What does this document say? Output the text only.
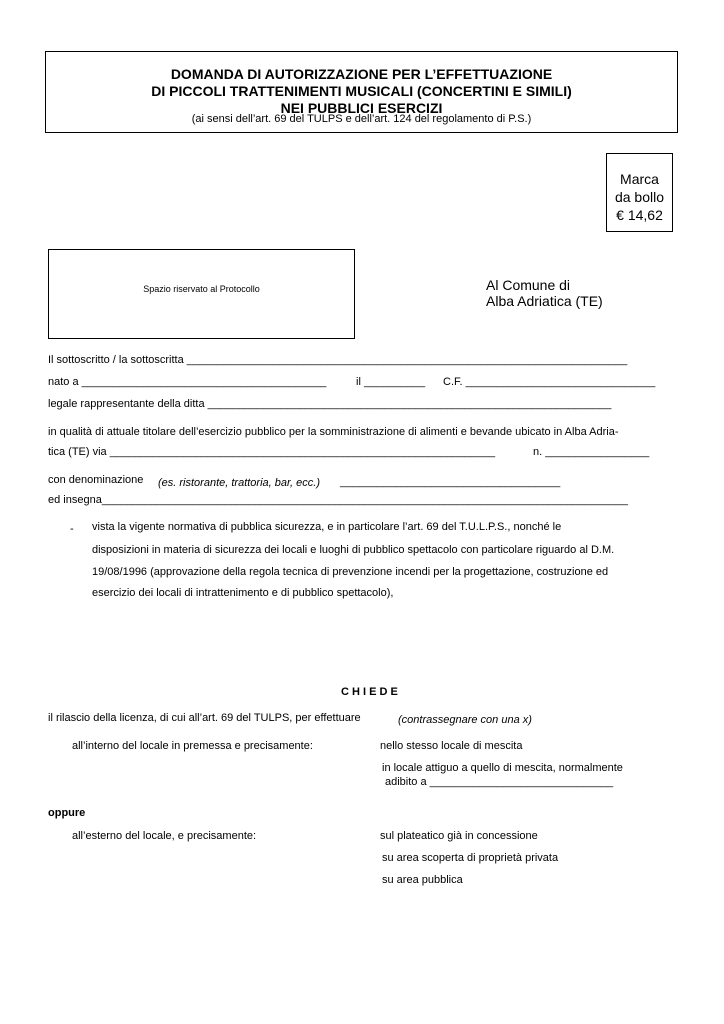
DOMANDA DI AUTORIZZAZIONE PER L’EFFETTUAZIONE
DI PICCOLI TRATTENIMENTI MUSICALI (CONCERTINI E SIMILI)
NEI PUBBLICI ESERCIZI
(ai sensi dell’art. 69 del TULPS e dell’art. 124 del regolamento di P.S.)
Marca
da bollo
€ 14,62
Spazio riservato al Protocollo	Al Comune di
Alba Adriatica (TE)
Il sottoscritto / la sottoscritta ________________________________________________________________________
nato a ________________________________________	il __________ C.F. _______________________________
legale rappresentante della ditta __________________________________________________________________
in qualità di attuale titolare dell’esercizio pubblico per la somministrazione di alimenti e bevande ubicato in Alba Adria-
tica (TE) via _______________________________________________________________	n. _________________
con denominazione (es. ristorante, trattoria, bar, ecc.) ____________________________________
ed insegna______________________________________________________________________________________
- vista la vigente normativa di pubblica sicurezza, e in particolare l’art. 69 del T.U.L.P.S., nonché le
disposizioni in materia di sicurezza dei locali e luoghi di pubblico spettacolo con particolare riguardo al D.M.
19/08/1996 (approvazione della regola tecnica di prevenzione incendi per la progettazione, costruzione ed
esercizio dei locali di intrattenimento e di pubblico spettacolo),
C H I E D E
il rilascio della licenza, di cui all’art. 69 del TULPS, per effettuare	(contrassegnare con una x)
all’interno del locale in premessa e precisamente:	nello stesso locale di mescita
in locale attiguo a quello di mescita, normalmente
adibito a ______________________________
oppure
all’esterno del locale, e precisamente:	sul plateatico già in concessione
su area scoperta di proprietà privata
su area pubblica
